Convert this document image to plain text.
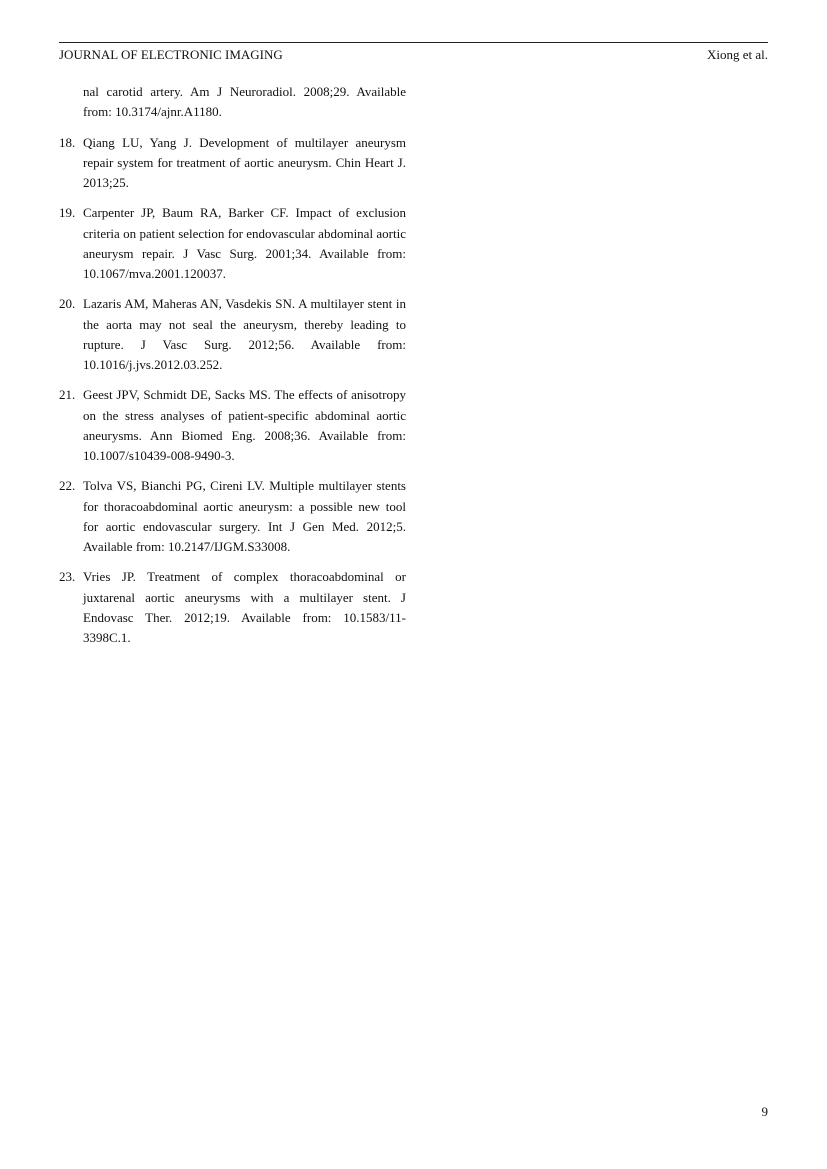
JOURNAL OF ELECTRONIC IMAGING	Xiong et al.
nal carotid artery. Am J Neuroradiol. 2008;29. Available from: 10.3174/ajnr.A1180.
18. Qiang LU, Yang J. Development of multilayer aneurysm repair system for treatment of aortic aneurysm. Chin Heart J. 2013;25.
19. Carpenter JP, Baum RA, Barker CF. Impact of exclusion criteria on patient selection for endovascular abdominal aortic aneurysm repair. J Vasc Surg. 2001;34. Available from: 10.1067/mva.2001.120037.
20. Lazaris AM, Maheras AN, Vasdekis SN. A multilayer stent in the aorta may not seal the aneurysm, thereby leading to rupture. J Vasc Surg. 2012;56. Available from: 10.1016/j.jvs.2012.03.252.
21. Geest JPV, Schmidt DE, Sacks MS. The effects of anisotropy on the stress analyses of patient-specific abdominal aortic aneurysms. Ann Biomed Eng. 2008;36. Available from: 10.1007/s10439-008-9490-3.
22. Tolva VS, Bianchi PG, Cireni LV. Multiple multilayer stents for thoracoabdominal aortic aneurysm: a possible new tool for aortic endovascular surgery. Int J Gen Med. 2012;5. Available from: 10.2147/IJGM.S33008.
23. Vries JP. Treatment of complex thoracoabdominal or juxtarenal aortic aneurysms with a multilayer stent. J Endovasc Ther. 2012;19. Available from: 10.1583/11-3398C.1.
9
